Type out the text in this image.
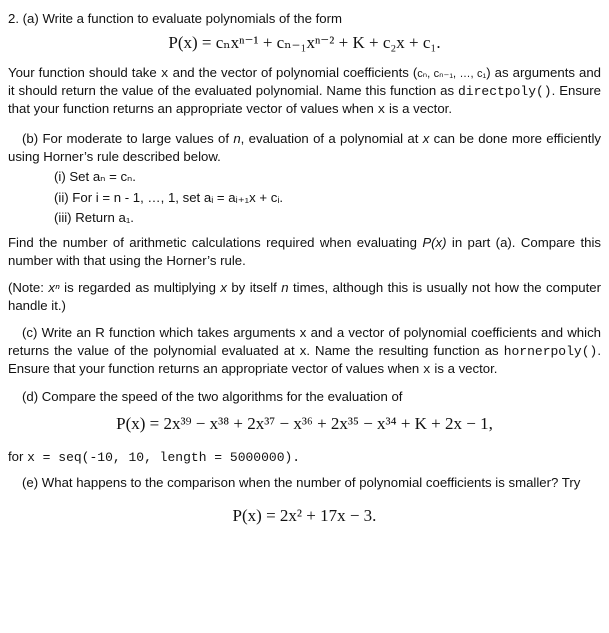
2. (a) Write a function to evaluate polynomials of the form

P(x) = cₙxⁿ⁻¹ + cₙ₋₁xⁿ⁻² + K + c₂x + c₁.

Your function should take x and the vector of polynomial coefficients (cₙ, cₙ₋₁, …, c₁) as arguments and it should return the value of the evaluated polynomial. Name this function as directpoly(). Ensure that your function returns an appropriate vector of values when x is a vector.

(b) For moderate to large values of n, evaluation of a polynomial at x can be done more efficiently using Horner’s rule described below.

(i) Set aₙ = cₙ.

(ii) For i = n - 1, …, 1, set aᵢ = aᵢ₊₁x + cᵢ.

(iii) Return a₁.

Find the number of arithmetic calculations required when evaluating P(x) in part (a). Compare this number with that using the Horner’s rule.

(Note: xⁿ is regarded as multiplying x by itself n times, although this is usually not how the computer handle it.)

(c) Write an R function which takes arguments x and a vector of polynomial coefficients and which returns the value of the polynomial evaluated at x. Name the resulting function as hornerpoly(). Ensure that your function returns an appropriate vector of values when x is a vector.

(d) Compare the speed of the two algorithms for the evaluation of

P(x) = 2x³⁹ − x³⁸ + 2x³⁷ − x³⁶ + 2x³⁵ − x³⁴ + K + 2x − 1,

for x = seq(-10, 10, length = 5000000).

(e) What happens to the comparison when the number of polynomial coefficients is smaller? Try

P(x) = 2x² + 17x − 3.
